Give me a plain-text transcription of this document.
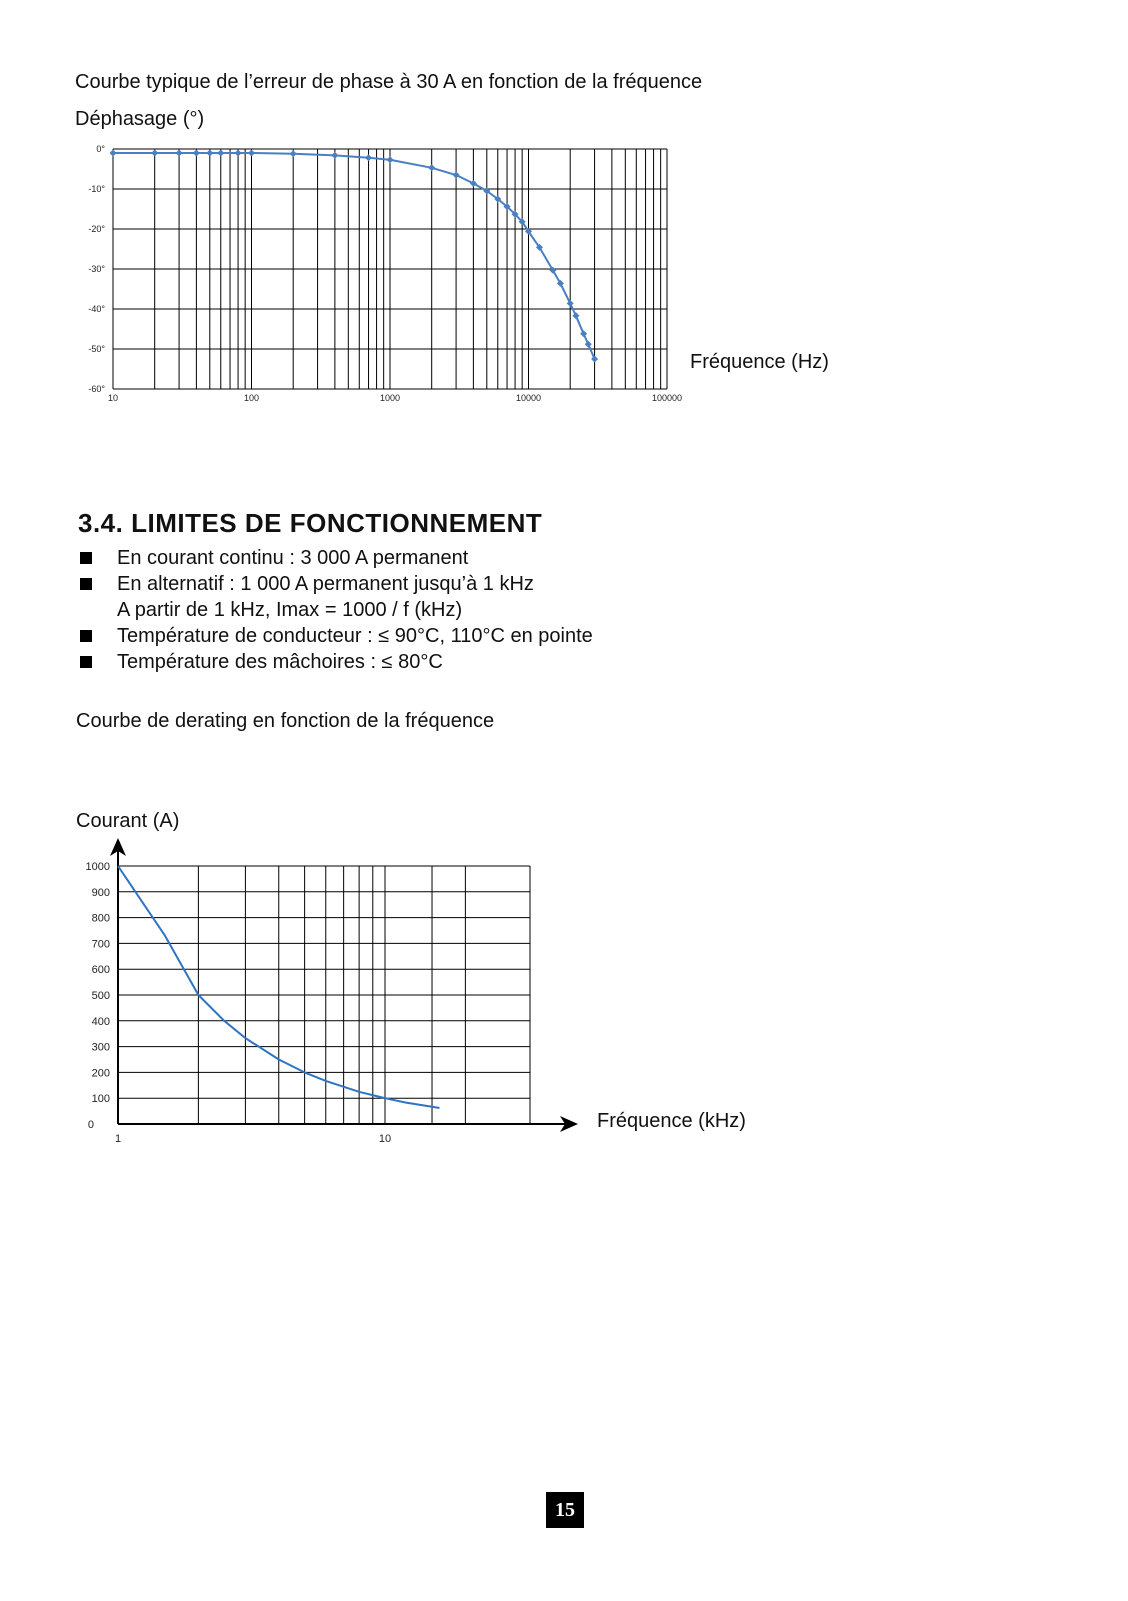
Courbe typique de l’erreur de phase à 30 A en fonction de la fréquence
Déphasage (°)
0°
-10°
-20°
-30°
-40°
-50°
-60°
10	100	1000	10000	100000
Fréquence (Hz)
3.4. LIMITES DE FONCTIONNEMENT
En courant continu : 3 000 A permanent
En alternatif : 1 000 A permanent jusqu’à 1 kHz
A partir de 1 kHz, Imax = 1000 / f (kHz)
Température de conducteur : ≤ 90°C, 110°C en pointe
Température des mâchoires : ≤ 80°C
Courbe de derating en fonction de la fréquence
Courant (A)
1000
900
800
700
600
500
400
300
200
100
0
1	10
Fréquence (kHz)
15
